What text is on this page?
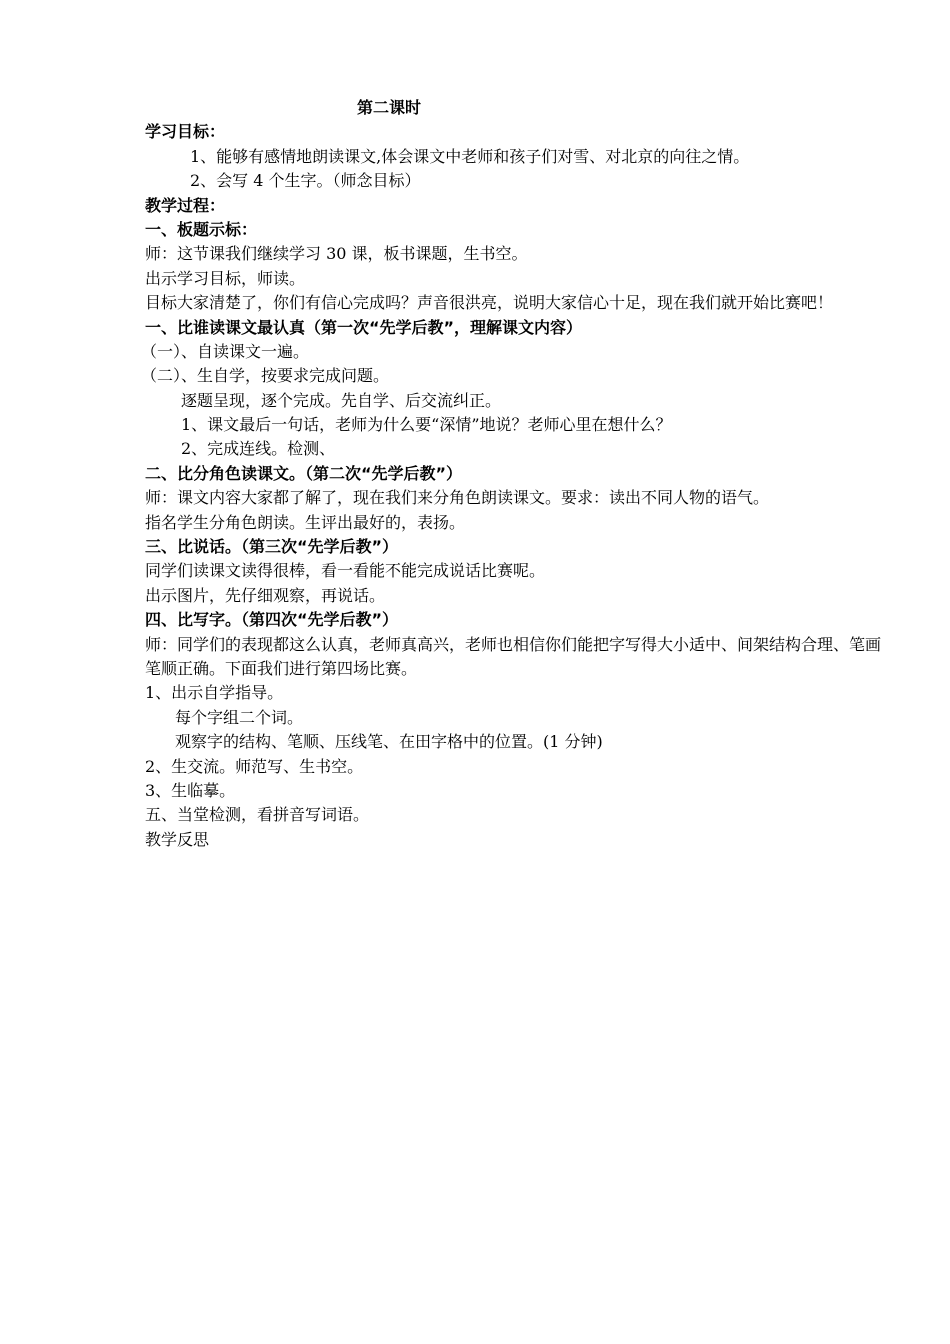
第二课时
学习目标：
1、能够有感情地朗读课文,体会课文中老师和孩子们对雪、对北京的向往之情。
2、会写 4 个生字。（师念目标）
教学过程：
一、板题示标：
师：这节课我们继续学习 30 课，板书课题，生书空。
出示学习目标，师读。
目标大家清楚了，你们有信心完成吗？声音很洪亮，说明大家信心十足，现在我们就开始比赛吧！
一、比谁读课文最认真（第一次“先学后教”，理解课文内容）
（一）、自读课文一遍。
（二）、生自学，按要求完成问题。
逐题呈现，逐个完成。先自学、后交流纠正。
1、课文最后一句话，老师为什么要“深情”地说？老师心里在想什么？
2、完成连线。检测、
二、比分角色读课文。（第二次“先学后教”）
师：课文内容大家都了解了，现在我们来分角色朗读课文。要求：读出不同人物的语气。
指名学生分角色朗读。生评出最好的，表扬。
三、比说话。（第三次“先学后教”）
同学们读课文读得很棒，看一看能不能完成说话比赛呢。
出示图片，先仔细观察，再说话。
四、比写字。（第四次“先学后教”）
师：同学们的表现都这么认真，老师真高兴，老师也相信你们能把字写得大小适中、间架结构合理、笔画笔顺正确。下面我们进行第四场比赛。
1、出示自学指导。
每个字组二个词。
观察字的结构、笔顺、压线笔、在田字格中的位置。(1 分钟)
2、生交流。师范写、生书空。
3、生临摹。
五、当堂检测，看拼音写词语。
教学反思
